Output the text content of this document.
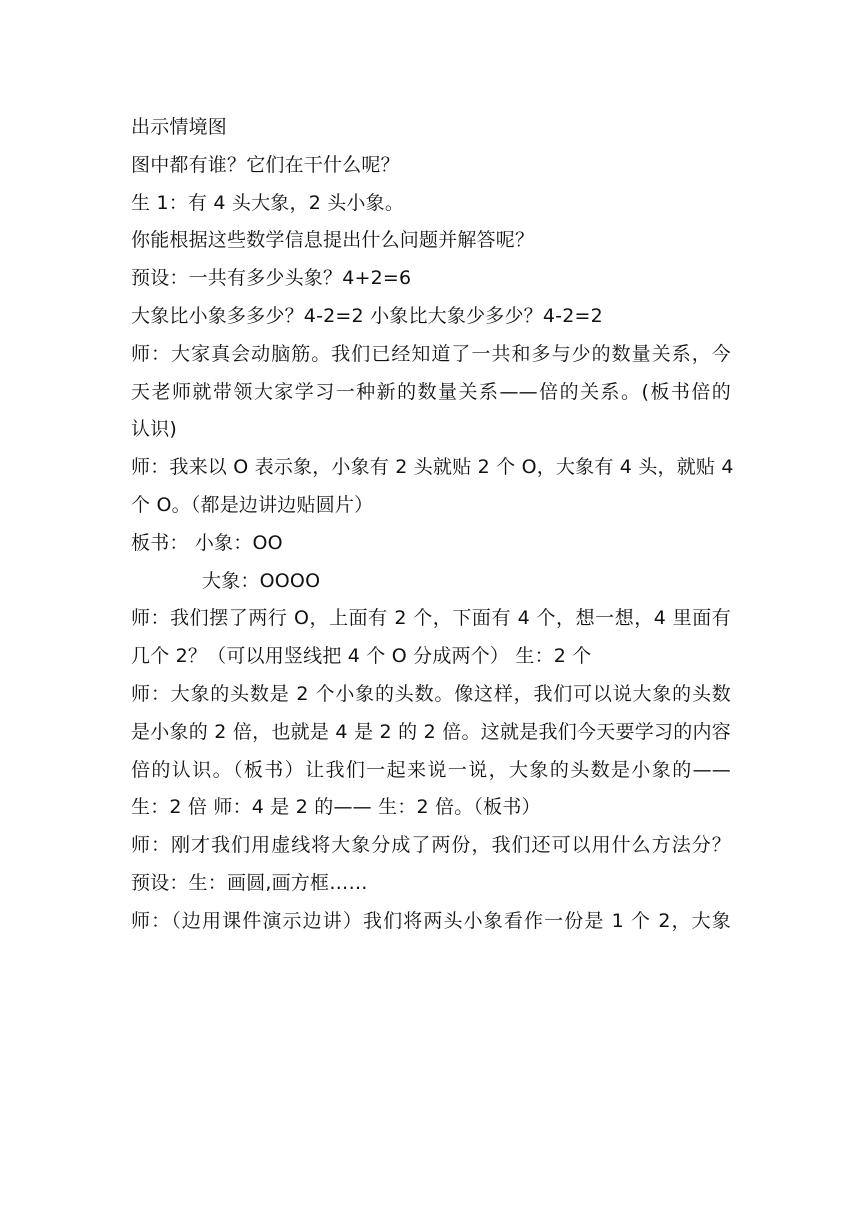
出示情境图
图中都有谁？它们在干什么呢？
生 1：有 4 头大象，2 头小象。
你能根据这些数学信息提出什么问题并解答呢？
预设：一共有多少头象？4+2=6
大象比小象多多少？4-2=2 小象比大象少多少？4-2=2
师：大家真会动脑筋。我们已经知道了一共和多与少的数量关系，今
天老师就带领大家学习一种新的数量关系——倍的关系。(板书倍的
认识)
师：我来以 O 表示象，小象有 2 头就贴 2 个 O，大象有 4 头，就贴 4
个 O。（都是边讲边贴圆片）
板书： 小象：OO
大象：OOOO
师：我们摆了两行 O，上面有 2 个，下面有 4 个，想一想，4 里面有
几个 2？（可以用竖线把 4 个 O 分成两个） 生：2 个
师：大象的头数是 2 个小象的头数。像这样，我们可以说大象的头数
是小象的 2 倍，也就是 4 是 2 的 2 倍。这就是我们今天要学习的内容
倍的认识。（板书）让我们一起来说一说，大象的头数是小象的——
生：2 倍 师：4 是 2 的—— 生：2 倍。（板书）
师：刚才我们用虚线将大象分成了两份，我们还可以用什么方法分？
预设：生：画圆,画方框……
师：（边用课件演示边讲）我们将两头小象看作一份是 1 个 2，大象
